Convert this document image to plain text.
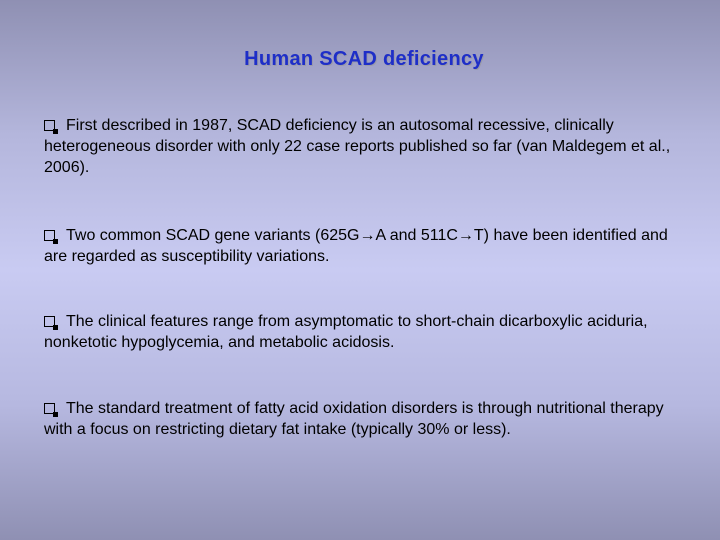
Human SCAD deficiency
First described in 1987, SCAD deficiency is an autosomal recessive, clinically heterogeneous disorder with only 22 case reports published so far (van Maldegem et al., 2006).
Two common SCAD gene variants (625G→A and 511C→T) have been identified and are regarded as susceptibility variations.
The clinical features range from asymptomatic to short-chain dicarboxylic aciduria, nonketotic hypoglycemia, and metabolic acidosis.
The standard treatment of fatty acid oxidation disorders is through nutritional therapy with a focus on restricting dietary fat intake (typically 30% or less).
